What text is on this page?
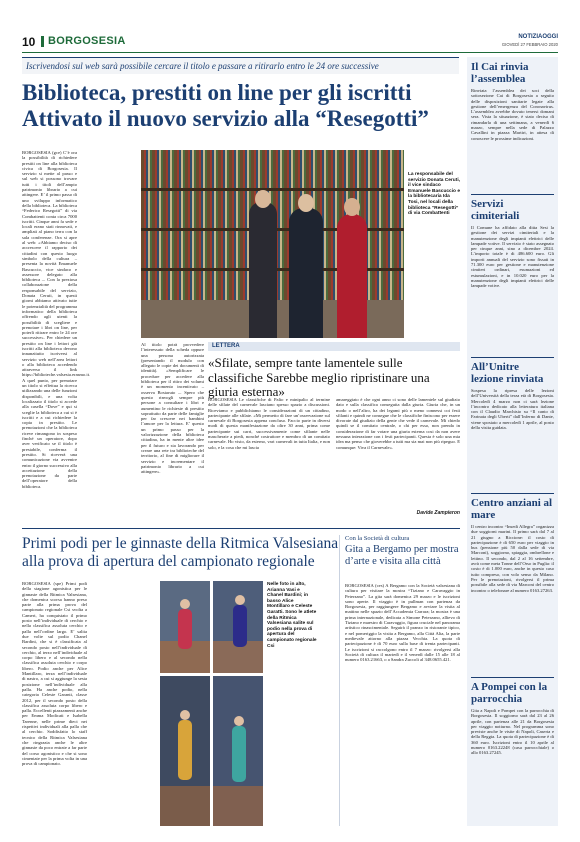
10 BORGOSESIA	NOTIZIAOGGI
GIOVEDÌ 27 FEBBRAIO 2020
Iscrivendosi sul web sarà possibile cercare il titolo e passare a ritirarlo entro le 24 ore successive
Biblioteca, prestiti on line per gli iscritti
Attivato il nuovo servizio alla “Resegotti”
BORGOSESIA (gce) C’è ora la possibilità di richiedere prestiti on line alla biblioteca civica di Borgosesia. Il servizio si mette al passo e sul web si possono trovare tutti i titoli dell’ampio patrimonio librario a cui attingere. E’ il primo passo di uno sviluppo informatico della biblioteca. La biblioteca “Federico Resegotti” di via Combattenti conta circa 7000 iscritti. Cinque anni fa sede e locali erano stati rinnovati, e ampliati al piano terra con la sala conferenze. Ora si apre al web: «Abbiamo deciso di accrescere il rapporto dei cittadini con questo luogo simbolo della cultura – presenta la novità Emanuele Bascuccio, vice sindaco e assessore delegato alla biblioteca –. Con la preziosa collaborazione della responsabile del servizio, Donata Ceruti, in questi giorni abbiamo attivato tutte le potenzialità del programma informatico della biblioteca offrendo agli utenti la possibilità di scegliere e prenotare i libri on line, per poterli ritirare entro le 24 ore successive». Per chiedere un prestito on line i lettori già iscritti alla biblioteca devono innanzitutto iscriversi al servizio web nell’area lettori o alla biblioteca accedendo attraverso il link https://biblioteche.valsesia.erasmo.it. A quel punto, per prenotare un titolo si effettua la ricerca utilizzando una delle funzioni disponibili, e una volta localizzato il titolo si accede alla casella “Dove” e qui si sceglie la biblioteca a cui si è iscritti e a cui richiedere la copia in prestito. Le prenotazioni che la biblioteca riceve rimangono in sospeso finché un operatore, dopo aver verificato se il titolo è prestabile, conferma il prestito. Si riceverà una comunicazione via avvenire entro il giorno successivo alla accettazione della prenotazione da parte dell’operatore della biblioteca.
La responsabile del servizio Donata Ceruti, il vice sindaco Emanuele Bascuccio e la bibliotecaria Ida Tosi, nel locali della biblioteca “Resegotti” di via Combattenti
Al titolo potrà provvedere l’interessato della scheda oppure una persona autorizzata (presentando il modulo con allegato le copie dei documenti di identità). «Semplificare le procedure per accedere alla biblioteca per il ritiro dei volumi è un momento incentivato – osserva Bostaruto –. Spero che questo rinvogli sempre più persone a consultare i libri e aumentino le richieste di prestito soprattutto da parte delle famiglie per far crescere nei bambini l’amore per la lettura. E’ questo un primo passo per la valorizzazione della biblioteca cittadina, ha in mente altre idee per il futuro e sta lavorando per creare una rete tra biblioteche del territorio, al fine di migliorare il servizio e incrementare il patrimonio librario a cui attingere».
LETTERA
«Sfilate, sempre tante lamentele sulle classifiche Sarebbe meglio ripristinare una giuria esterna»
BORGOSESIA Le classifiche di Palio e minipalio al termine delle sfilate del carnevale lasciano spesso spazio a discussioni. Riceviamo e pubblichiamo le considerazioni di un cittadino, partecipante alle sfilate. «Mi permetto di fare un’osservazione sul carnevale di Borgosesia appena concluso. Faccio parte in diversi modi di questa manifestazione da oltre 30 anni, prima come partecipante sui carri, successivamente come sfilante nelle mascherate a piedi, nonché costruttore e membro di un comitato carnevale. Ho visto, da esterno, vari carnevali in tutta Italia, e non solo, e la cosa che mi lascia
amareggiato è che ogni anno ci sono delle lamentele sul giudizio dato e sulla classifica conseguita dalla giuria. Giuria che, in un modo o nell’altro, ha dei legami più o meno connessi coi festi sfilanti e quindi ne consegue che le classifiche finiscono per essere divorate dal giudizio della gente che vede il carnevale. Mi chiedo quindi se il comitato centrale, o chi per esso, non prenda in considerazione di far votare una giuria esterna cosi da non avere nessuna interazione con i festi partecipanti. Questa è solo una mia idea ma penso che gioverebbe a tutti ma sia mai non più ripeguo. E comunque: Viva il Carnevale».
Davide Zampieron
Primi podi per le ginnaste della Ritmica Valsesiana
alla prova di apertura del campionato regionale
BORGOSESIA (spe) Primi podi della stagione agonistica per le ginnaste della Ritmica Valsesiana, che domenica scorsa hanno preso parte alla prima prova del campionato regionale Csi svolta a Cameri, ha conquistato il primo posto nell’individuale di cerchio e nella classifica assoluta cerchio e palla nell’ordine largo. E’ salita due volte sul podio Chanel Bardini, che si è classificata al secondo posto nell’individuale di cerchio, al terzo nell’individuale al corpo libero e al secondo nella classifica assoluta cerchio e corpo libero. Podio anche per Alice Mantillaro, terza nell’individuale di nastro, a cui si aggiunge la sesta posizione nell’individuale alla palla. Ha anche podio, nella categoria Celeste Garanti, classe 2012, per il secondo posto della classifica assoluta corpo libero e palla. Eccellenti piazzamenti anche per Emma Modicati e Isabella Tarenne, nelle prime dieci nei rispettivi individuali alla palla che al cerchio. Soddisfatto lo staff tecnico della Ritmica Valsesiana che ringrazia anche le altre ginnaste da poco entrate a far parte del corso agonistico e che si sono cimentate per la prima volta in una prova di campionato.
Nelle foto in alto, Arianna Vasi e Chanel Bardini; in basso Alice Montillaro e Celeste Garatti. Sono le atlete della Ritmica Valsesiana salite sul podio nella prova di apertura del campionato regionale Csi
Con la Società di cultura
Gita a Bergamo per mostra d’arte e visita alla città
BORGOSESIA (ces) A Bergamo con la Società valsesiana di cultura per visitare la mostra “Tiziano e Caravaggio in Peterzano”. La gita sarà domenica 29 marzo e le iscrizioni sono aperte. Il viaggio è in pullman con partenza da Borgosesia, per raggiungere Bergamo e avviare la visita al mattino nelle spazio dell’Accademia Carrara; la mostra è una prima internazionale, dedicata a Simone Peterzano, allievo di Tiziano e maestro di Caravaggio, figura cruciale nel panorama artistico rinascimentale. Seguirà il pranzo in ristorante tipico, e nel pomeriggio la visita a Bergamo, alla Città Alta, la parte medievale attorno alla piazza Vecchia. La quota di partecipazione è di 70 euro sulla base di trenta partecipanti. Le iscrizioni si raccolgono entro il 7 marzo: rivolgersi alla Società di cultura il martedì e il venerdì dalle 15 alle 18 al numero 0163.21663, o a Sandra Zuccoli al 348.0655.421.
Il Cai rinvia l’assemblea
Rinviata l’assemblea dei soci della sottosezione Cai di Borgosesia a seguito delle disposizioni sanitarie legate alla gestione dell’emergenza del Coronavirus. L’assemblea avrebbe dovuto tenersi domani sera. Vista la situazione, è stato deciso di rimandarla di una settimana, a venerdì 6 marzo, sempre nella sede di Palazzo Cavallini in piazza Martiri, in attesa di conoscere le prossime indicazioni.
Servizi cimiteriali
Il Comune ha affidato alla ditta Sesi la gestione dei servizi cimiteriali e la manutenzione degli impianti elettrici delle lampade votive. Il servizio è stato assegnato per cinque anni, sino a dicembre 2024. L’importo totale è di 486.600 euro. Gli importi annuali del servizio sono fissati in 71.300 euro per gestione e manutenzione cimiteri ordinari, esumazioni ed estumulazioni, e in 10.020 euro per la manutenzione degli impianti elettrici delle lampade votive.
All’Unitre lezione rinviata
Sospesa la ripresa delle lezioni dell’Università della terza età di Borgosesia. Mercoledì 4 marzo non ci sarà lezione l’incontro dedicato alla letteratura italiana con il Claudio Marchisio su “Il canto di Farinata degli Uberti” dall’Inferno di Dante, viene spostato a mercoledì 1 aprile, al posto della visita guidata.
Centro anziani al mare
Il centro incontro “Insedi Allegra” organizza due soggiorni marini. Il primo sarà dal 7 al 21 giugno a Riccione: il costo di partecipazione è di 650 euro per viaggio in bus (pensione più 50 dalla sede di via Marconi), soggiorno, spiaggia, ombrellone e lettino. Il secondo, dal 2 al 16 settembre, avrà come meta Tonne dell’Orso in Puglia: il costo è di 1.000 euro, anche in questo caso tutto compreso, con volo senso da Milano. Per le prenotazioni, rivolgersi il prima possibile alla sede di via Marconi del centro incontro o telefonare al numero 0163.27263.
A Pompei con la parrocchia
Gita a Napoli e Pompei con la parrocchia di Borgosesia. Il soggiorno sarà dal 23 al 26 aprile, con partenza alle 21 da Borgosesia per viaggio notturno. Nel programma sono previste anche le visite di Napoli, Caserta e della Reggia. La quota di partecipazione è di 360 euro. Iscrizioni entro il 10 aprile al numero 0163.22248 (casa parrocchiale) o allo 0163.27245.
